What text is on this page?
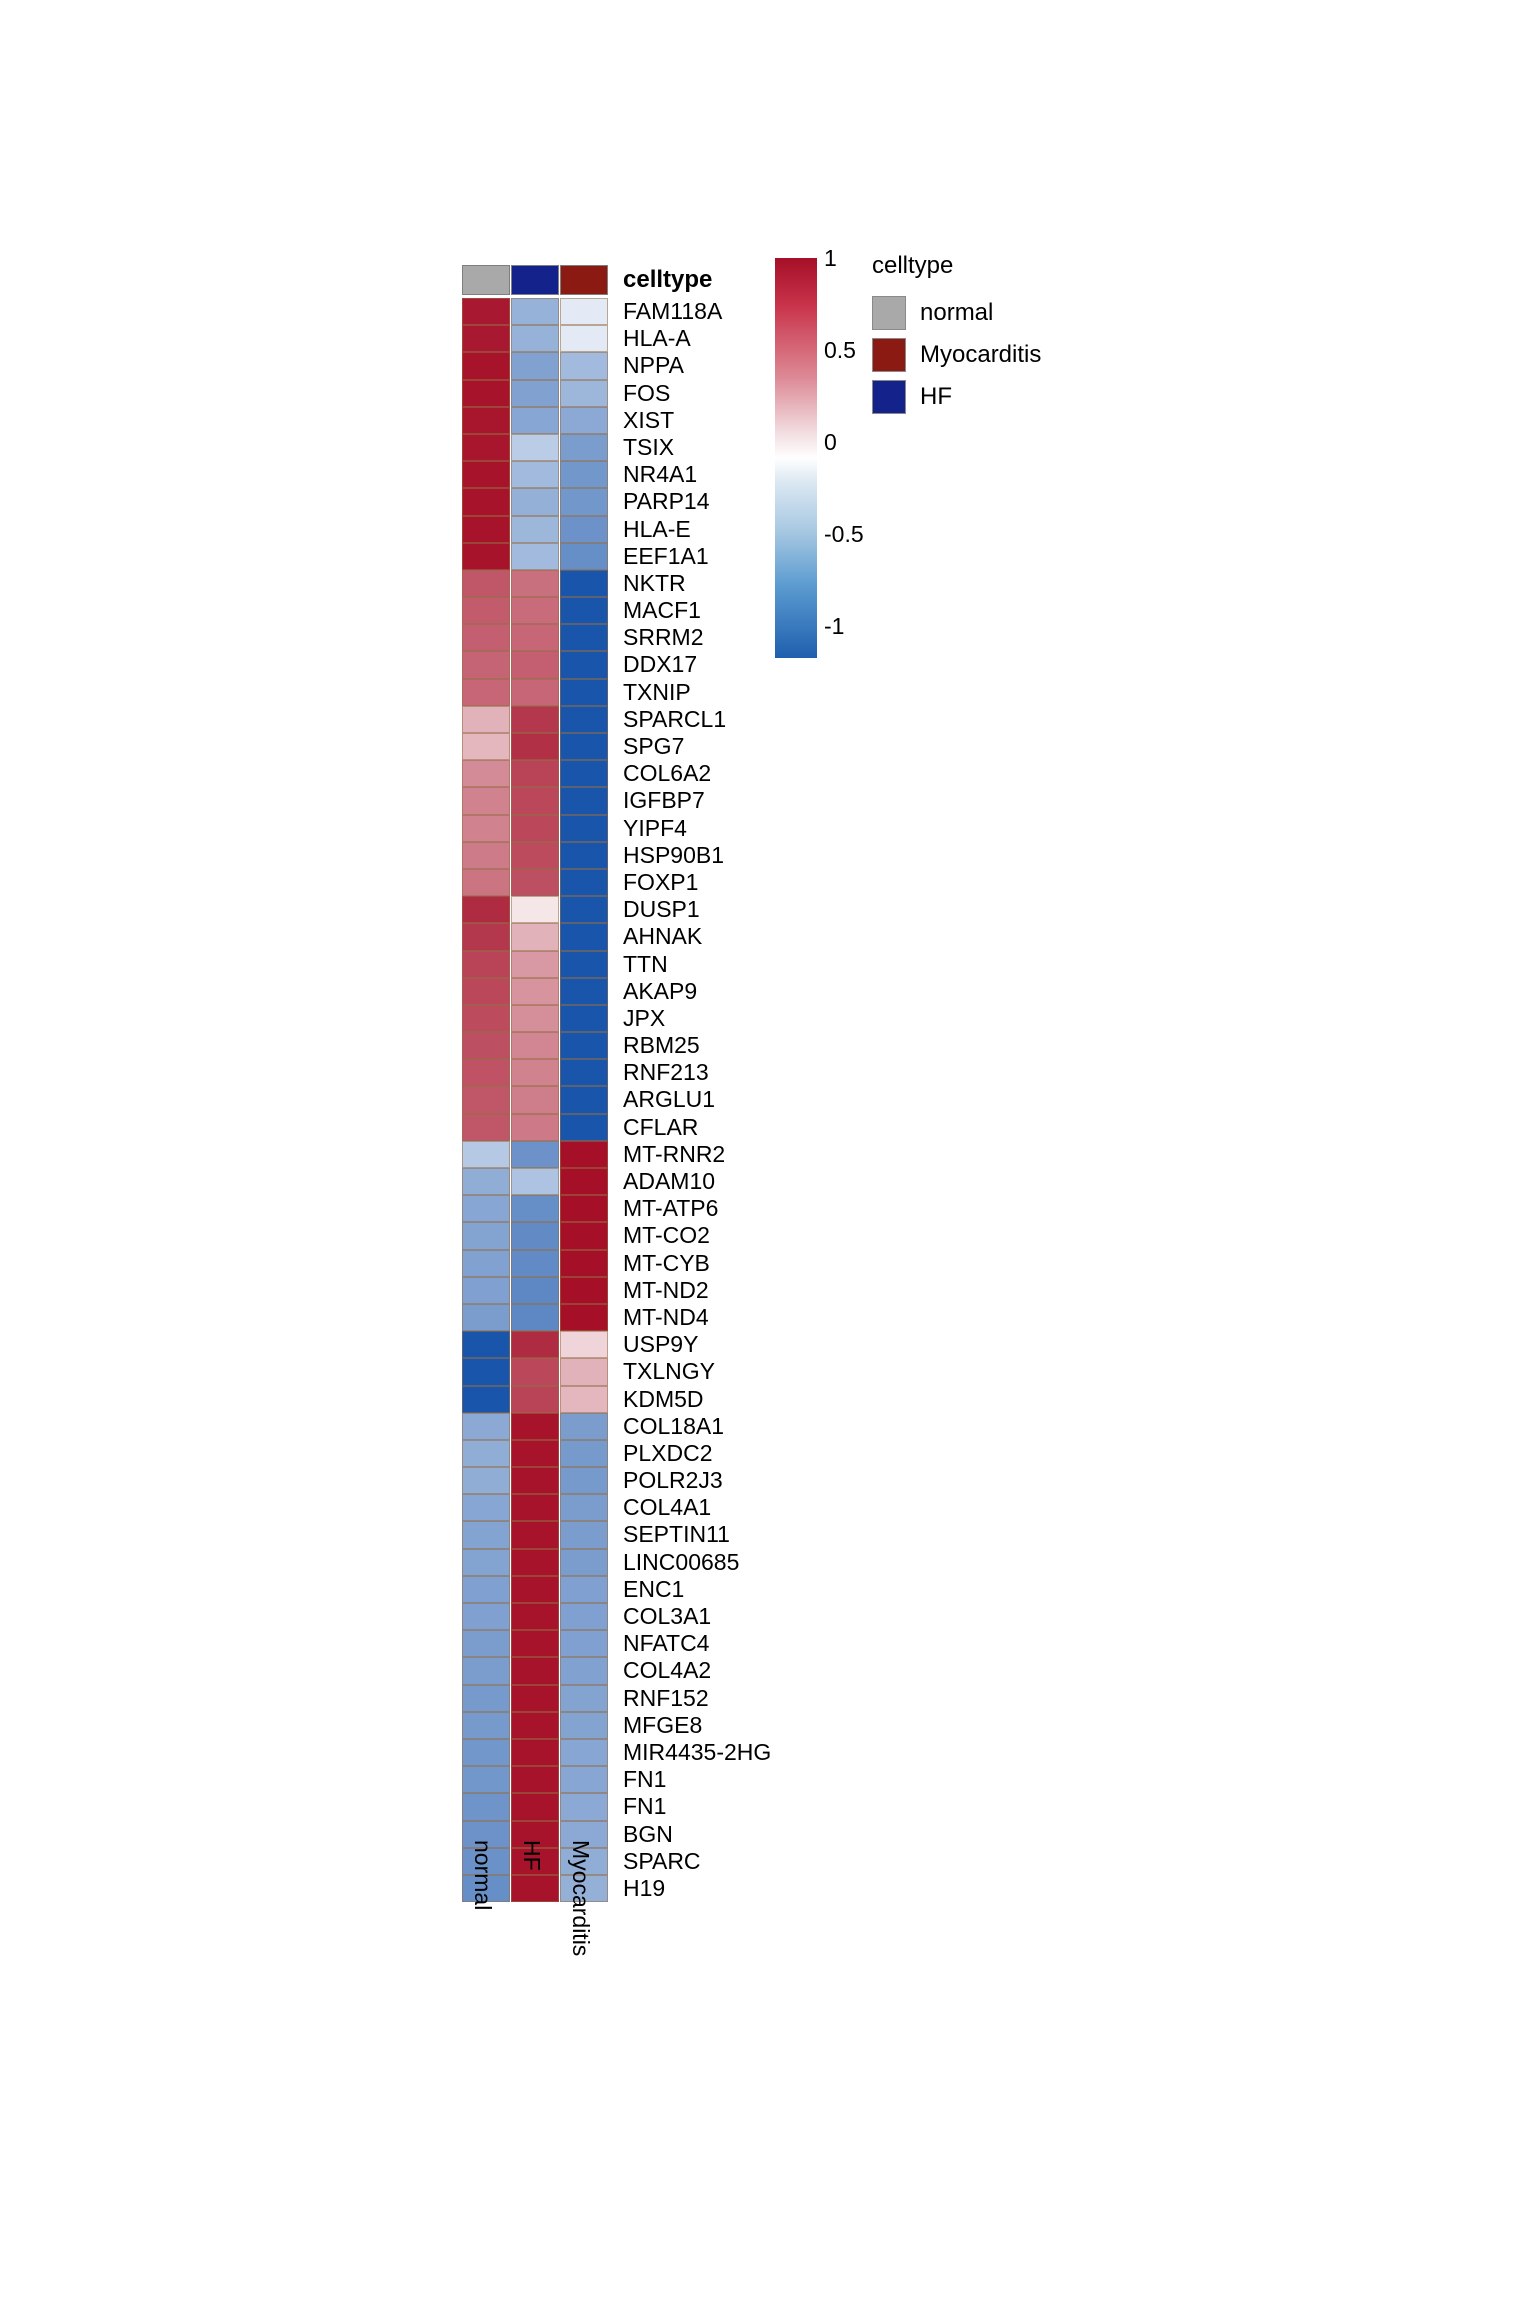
celltype
FAM118A
HLA-A
NPPA
FOS
XIST
TSIX
NR4A1
PARP14
HLA-E
EEF1A1
NKTR
MACF1
SRRM2
DDX17
TXNIP
SPARCL1
SPG7
COL6A2
IGFBP7
YIPF4
HSP90B1
FOXP1
DUSP1
AHNAK
TTN
AKAP9
JPX
RBM25
RNF213
ARGLU1
CFLAR
MT-RNR2
ADAM10
MT-ATP6
MT-CO2
MT-CYB
MT-ND2
MT-ND4
USP9Y
TXLNGY
KDM5D
COL18A1
PLXDC2
POLR2J3
COL4A1
SEPTIN11
LINC00685
ENC1
COL3A1
NFATC4
COL4A2
RNF152
MFGE8
MIR4435-2HG
FN1
FN1
BGN
SPARC
H19
normal HF Myocarditis
1
0.5
0
-0.5
-1
celltype
normal
Myocarditis
HF
